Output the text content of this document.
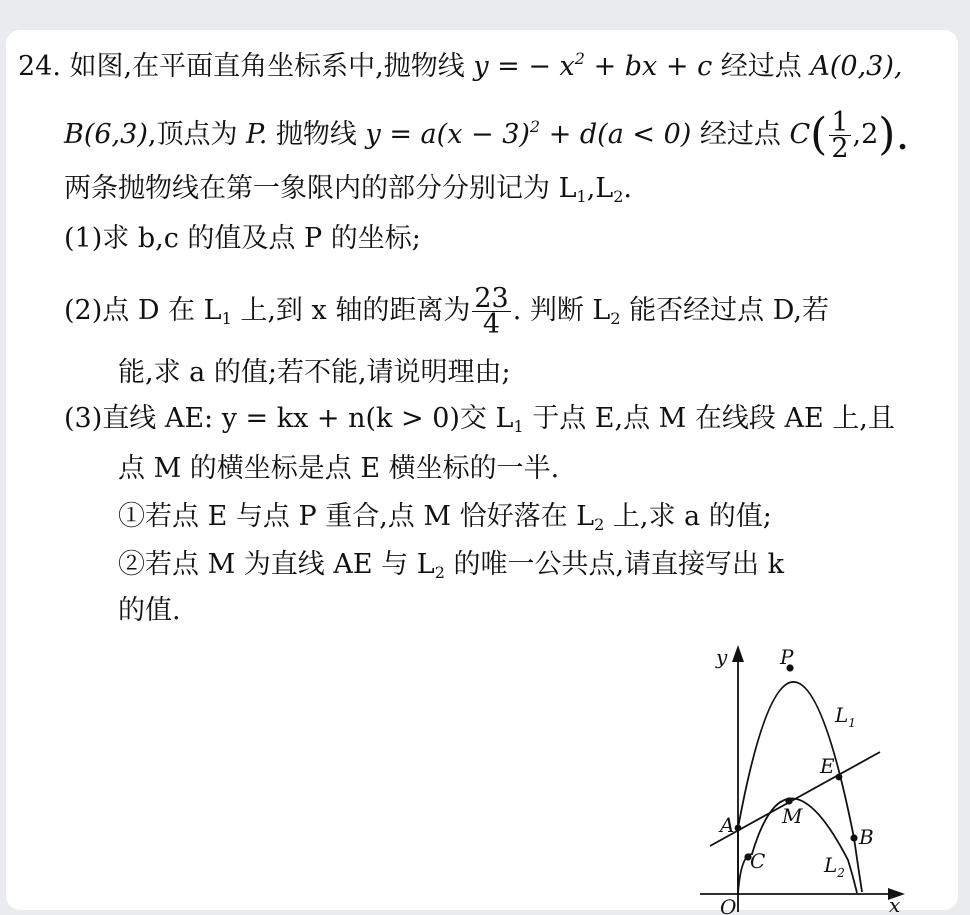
24. 如图,在平面直角坐标系中,抛物线 y = − $x^2$ + bx + c 经过点 A(0,3),
B(6,3),顶点为 P. 抛物线 $y = a(x - 3)^2 + d(a < 0)$ 经过点 $C( \frac{1}{2} ,2)$.
两条抛物线在第一象限内的部分分别记为 $L_1,L_2$.
(1)求 b,c 的值及点 P 的坐标;
(2)点 D 在 $L_1$ 上,到 x 轴的距离为 $\frac{23}{4}$ . 判断 $L_2$ 能否经过点 D,若
能,求 a 的值;若不能,请说明理由;
(3)直线 AE: y = kx + n(k > 0)交 $L_1$ 于点 E,点 M 在线段 AE 上,且
点 M 的横坐标是点 E 横坐标的一半.
①若点 E 与点 P 重合,点 M 恰好落在 $L_2$ 上,求 a 的值;
②若点 M 为直线 AE 与 $L_2$ 的唯一公共点,请直接写出 k
的值.
y
x
O
P
$L_1$
E
A M
B
C	$L_2$
